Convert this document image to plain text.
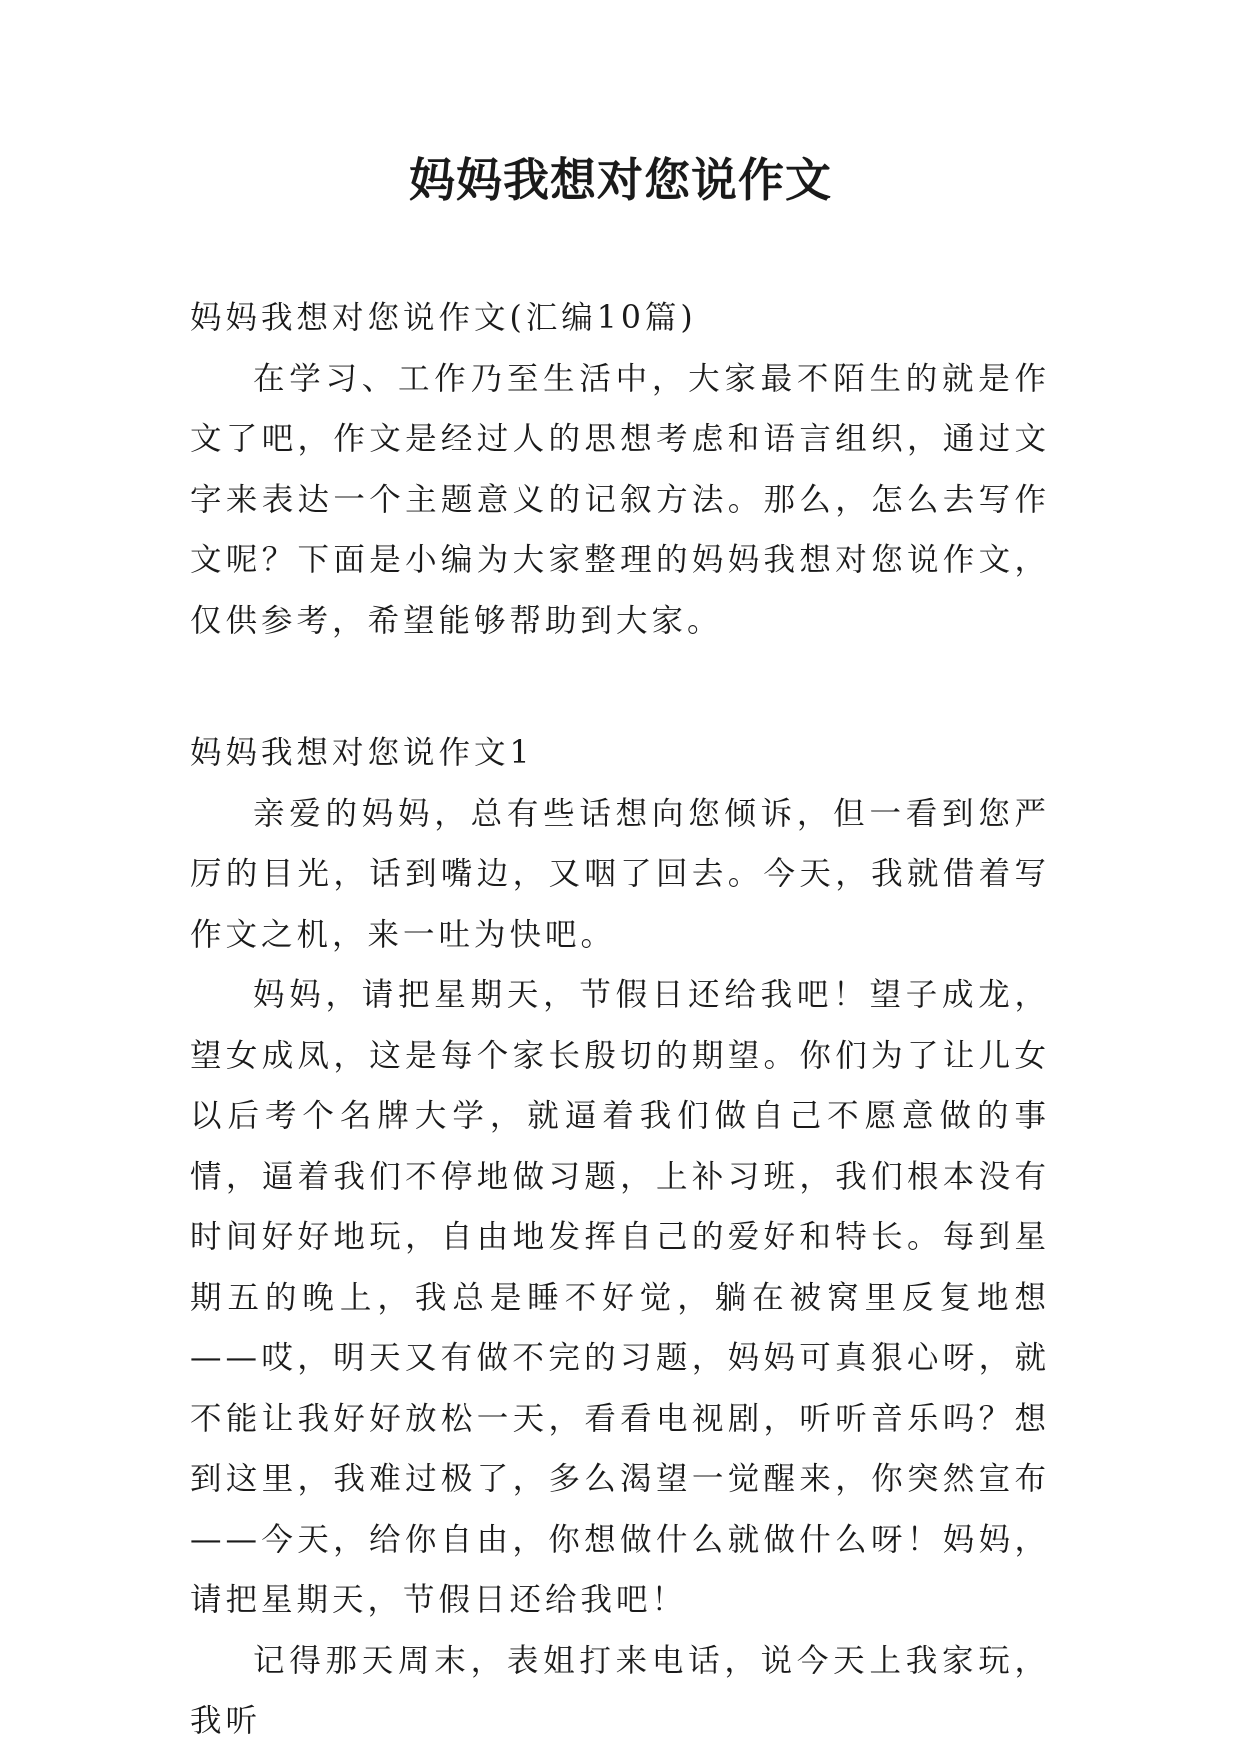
妈妈我想对您说作文

妈妈我想对您说作文(汇编10篇)

在学习、工作乃至生活中，大家最不陌生的就是作文了吧，作文是经过人的思想考虑和语言组织，通过文字来表达一个主题意义的记叙方法。那么，怎么去写作文呢？下面是小编为大家整理的妈妈我想对您说作文，仅供参考，希望能够帮助到大家。

妈妈我想对您说作文1

亲爱的妈妈，总有些话想向您倾诉，但一看到您严厉的目光，话到嘴边，又咽了回去。今天，我就借着写作文之机，来一吐为快吧。

妈妈，请把星期天，节假日还给我吧！望子成龙，望女成凤，这是每个家长殷切的期望。你们为了让儿女以后考个名牌大学，就逼着我们做自己不愿意做的事情，逼着我们不停地做习题，上补习班，我们根本没有时间好好地玩，自由地发挥自己的爱好和特长。每到星期五的晚上，我总是睡不好觉，躺在被窝里反复地想——哎，明天又有做不完的习题，妈妈可真狠心呀，就不能让我好好放松一天，看看电视剧，听听音乐吗？想到这里，我难过极了，多么渴望一觉醒来，你突然宣布——今天，给你自由，你想做什么就做什么呀！妈妈，请把星期天，节假日还给我吧！

记得那天周末，表姐打来电话，说今天上我家玩，我听
